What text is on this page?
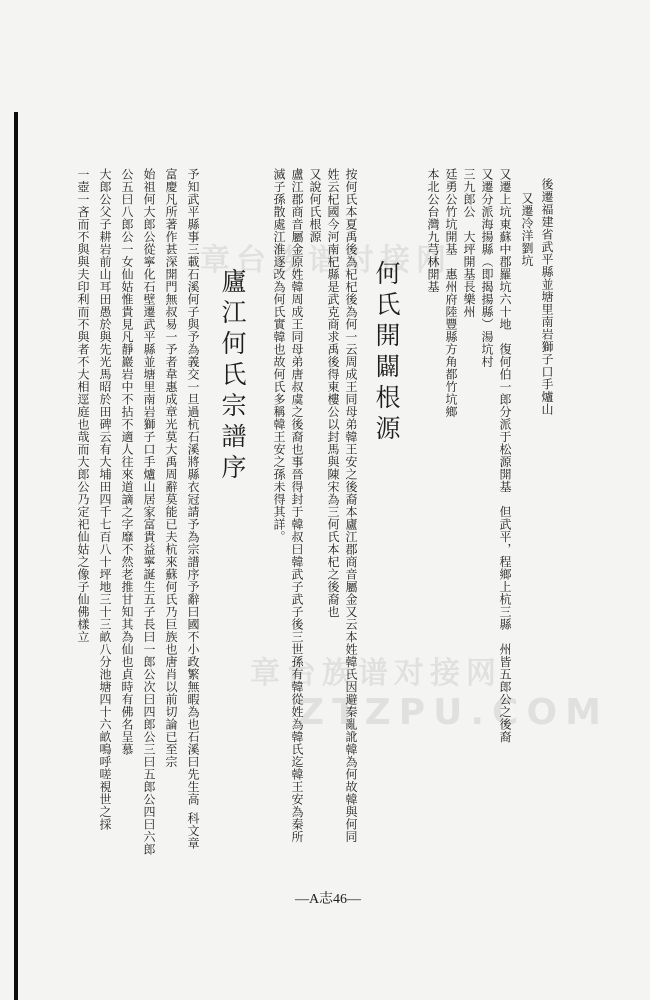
章台族谱对接网
章台族谱对接网
ZTZPU.COM
後遷福建省武平縣並塘里南岩獅子口手爐山
又遷冷洋劉坑
又遷上坑東蘇中郡羅坑六十地　復何伯一郎分派于松源開基　但武平，程鄉上杭三縣　州皆五郎公之後裔
又遷分派海揚縣（即揭揚縣）湯坑村
三九郎公　大坪開基長樂州
廷勇公竹坑開基　惠州府陸豐縣方角都竹坑鄉
本北公台灣九芎林開基
何氏開闢根源
按何氏本夏禹後為杞杞後為何一云周成王同母弟韓王安之後裔本廬江郡商音屬金又云本姓韓氏因避秦亂訛韓為何故韓與何同
姓云杞國今河南杞縣是武克商求禹後得東樓公以封馬與陳宋為三何氏本杞之後裔也
又說何氏根源
盧江郡商音屬金原姓韓周成王同母弟唐叔虞之後裔也事晉得封于韓叔曰韓武子武子後三世孫有韓從姓為韓氏迄韓王安為秦所
滅子孫散處江淮逐改為何氏實韓也故何氏多稱韓王安之孫未得其詳。
廬江何氏宗譜序
科文章
予知武平縣事三載石溪何子與予為義交一旦過杭石溪將縣衣冠請予為宗譜序予辭曰國不小政繁無暇為也石溪曰先生高
富慶凡所著作甚深開門無叔易一予者韋惠成章光莫大禹周辭莫能已夫杭來蘇何氏乃巨族也唐肖以前切論已至宗
始祖何大郎公從寧化石壁遷武平縣並塘里南岩獅子口手爐山居家富貴益寧誕生五子長曰一郎公次曰四郎公三曰五郎公四曰六郎
公五曰八郎公一女仙姑惟貴見凡靜巖岩中不拈不適人往來道謫之字靡不然老推甘知其為仙也貞時有佛名呈慕
大郎公父子耕岩前山耳田愚於與先光馬昭於田碑云有大埔田四千七百八十坪地三十三畝八分池塘四十六畝鳴呼嗟視世之採
一壺一吝而不與與夫印利而不與者不大相逕庭也哉而大郎公乃定祀仙姑之像子仙佛樣立
—A志46—
